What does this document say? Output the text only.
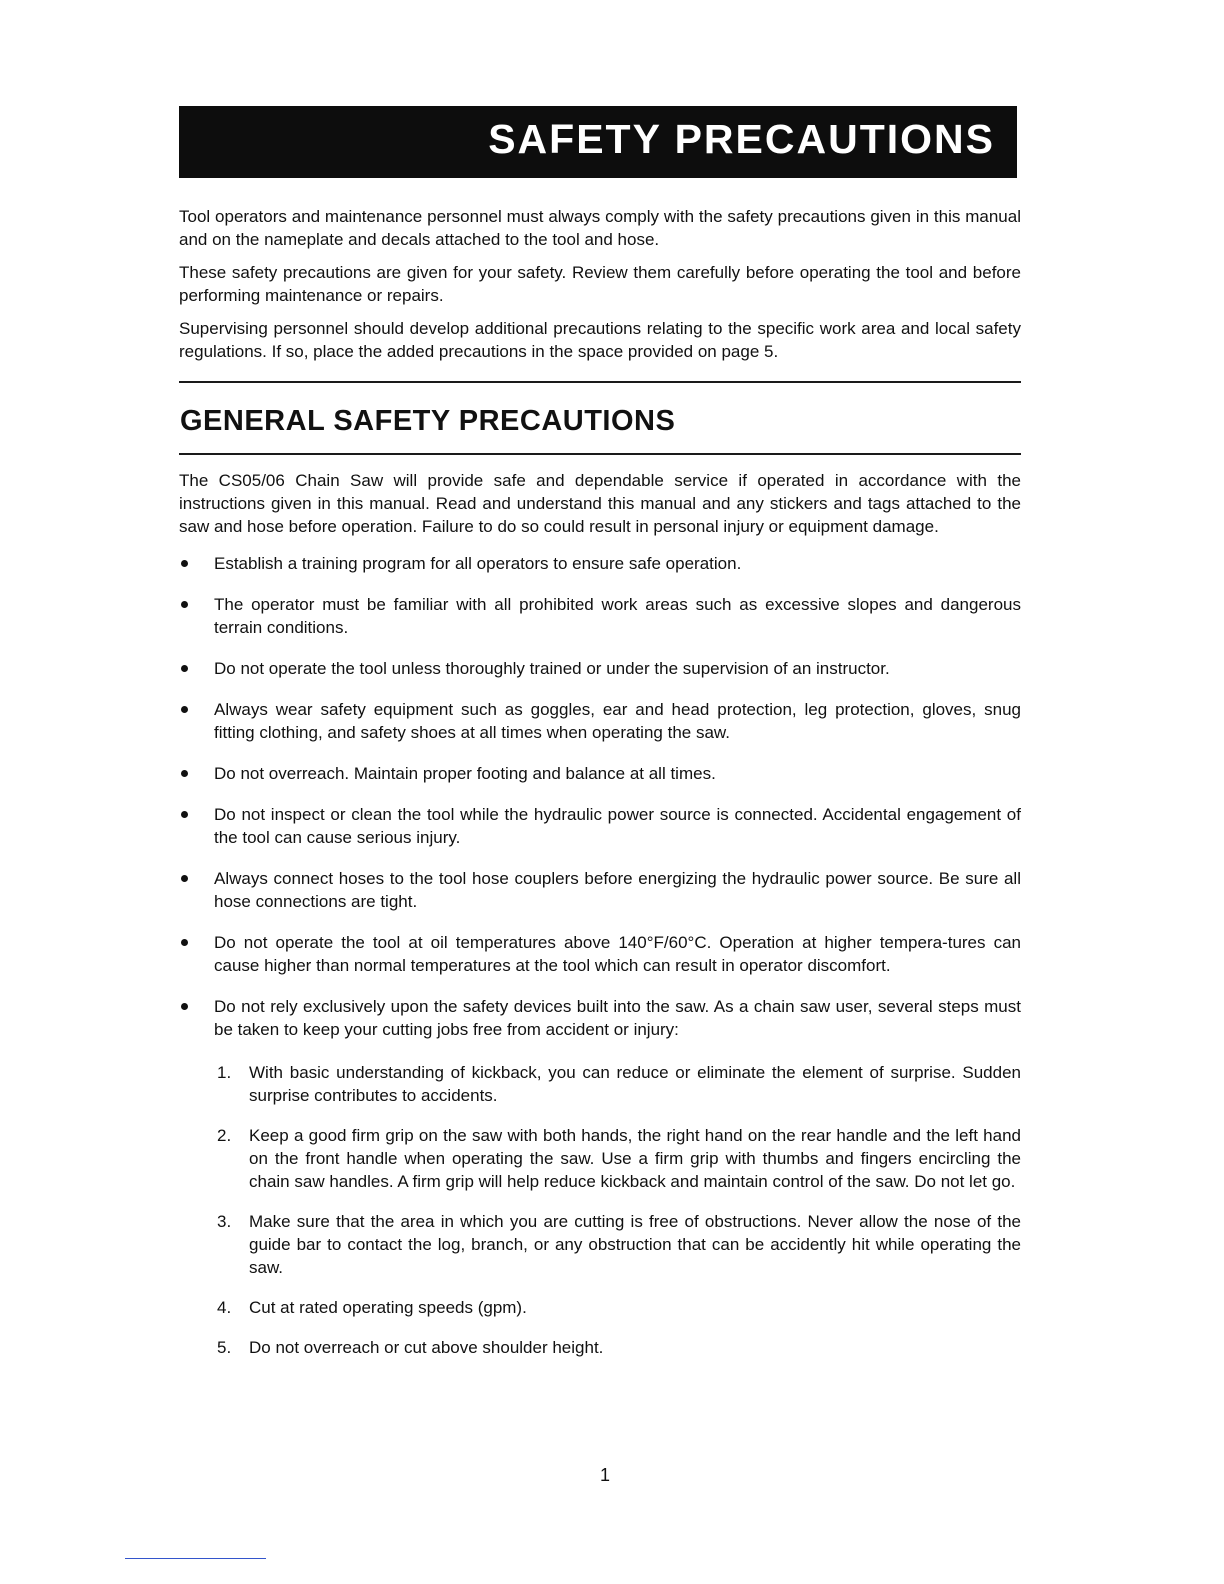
SAFETY PRECAUTIONS

Tool operators and maintenance personnel must always comply with the safety precautions given in this manual and on the nameplate and decals attached to the tool and hose.

These safety precautions are given for your safety. Review them carefully before operating the tool and before performing maintenance or repairs.

Supervising personnel should develop additional precautions relating to the specific work area and local safety regulations. If so, place the added precautions in the space provided on page 5.

GENERAL SAFETY PRECAUTIONS

The CS05/06 Chain Saw will provide safe and dependable service if operated in accordance with the instructions given in this manual. Read and understand this manual and any stickers and tags attached to the saw and hose before operation. Failure to do so could result in personal injury or equipment damage.

Establish a training program for all operators to ensure safe operation.
The operator must be familiar with all prohibited work areas such as excessive slopes and dangerous terrain conditions.
Do not operate the tool unless thoroughly trained or under the supervision of an instructor.
Always wear safety equipment such as goggles, ear and head protection, leg protection, gloves, snug fitting clothing, and safety shoes at all times when operating the saw.
Do not overreach. Maintain proper footing and balance at all times.
Do not inspect or clean the tool while the hydraulic power source is connected. Accidental engagement of the tool can cause serious injury.
Always connect hoses to the tool hose couplers before energizing the hydraulic power source. Be sure all hose connections are tight.
Do not operate the tool at oil temperatures above 140°F/60°C. Operation at higher tempera-tures can cause higher than normal temperatures at the tool which can result in operator discomfort.
Do not rely exclusively upon the safety devices built into the saw. As a chain saw user, several steps must be taken to keep your cutting jobs free from accident or injury:
1. With basic understanding of kickback, you can reduce or eliminate the element of surprise. Sudden surprise contributes to accidents.
2. Keep a good firm grip on the saw with both hands, the right hand on the rear handle and the left hand on the front handle when operating the saw. Use a firm grip with thumbs and fingers encircling the chain saw handles. A firm grip will help reduce kickback and maintain control of the saw. Do not let go.
3. Make sure that the area in which you are cutting is free of obstructions. Never allow the nose of the guide bar to contact the log, branch, or any obstruction that can be accidently hit while operating the saw.
4. Cut at rated operating speeds (gpm).
5. Do not overreach or cut above shoulder height.
1
